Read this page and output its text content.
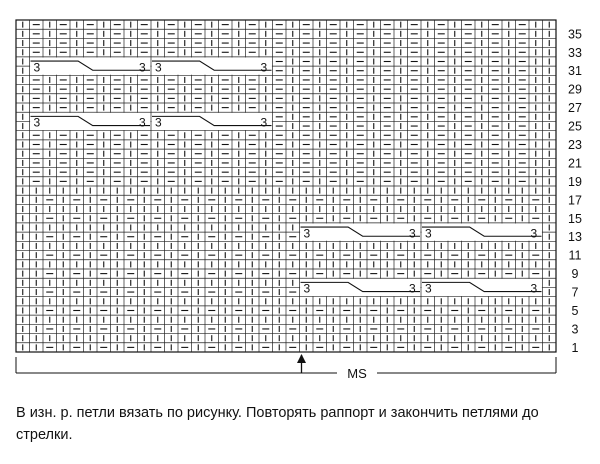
3	3 3	3
3	3 3	3
3	3 3	3
3	3 3	3
1
3
5
7
9
11
13
15
17
19
21
23
25
27
29
31
33
35
MS
В изн. р. петли вязать по рисунку. Повторять раппорт и закончить петлями до стрелки.
